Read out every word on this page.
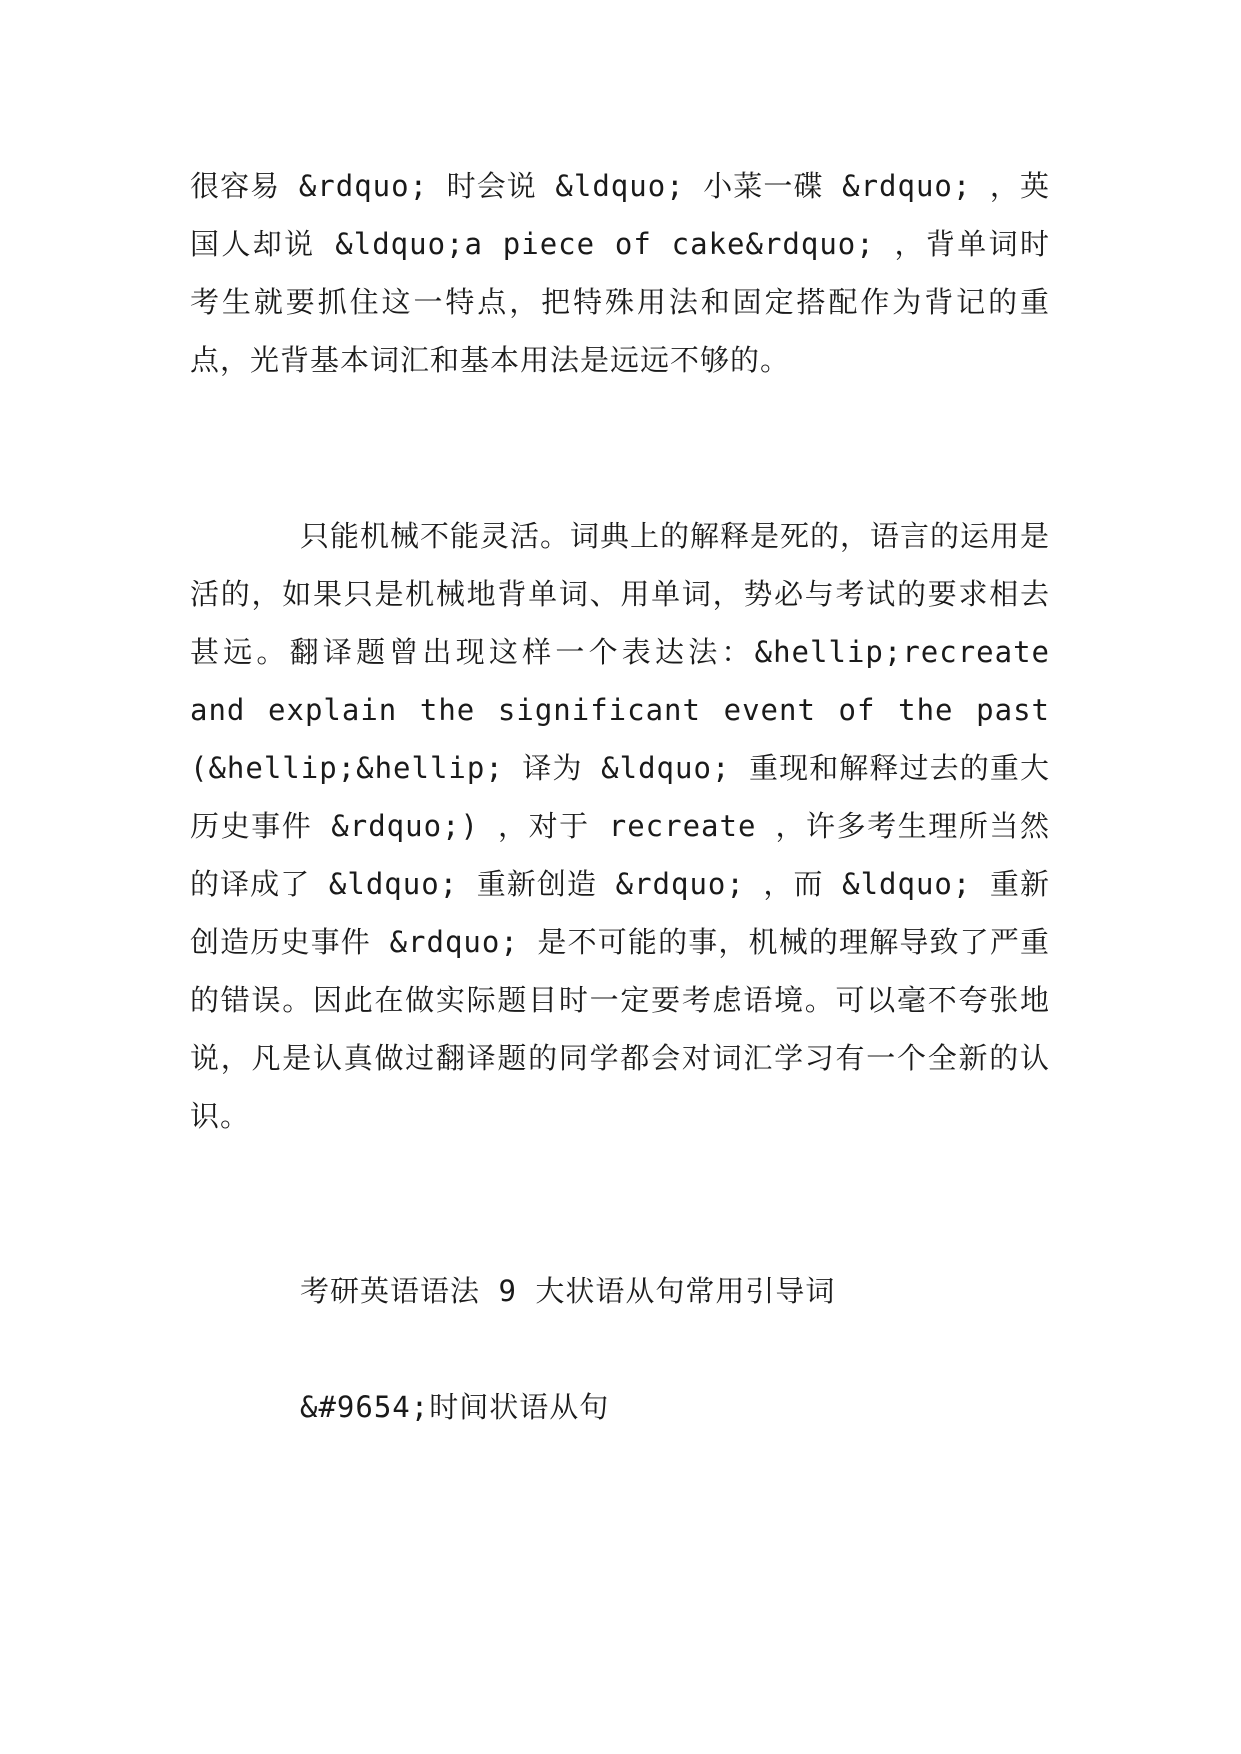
很容易 &rdquo; 时会说 &ldquo; 小菜一碟 &rdquo; ，英国人却说 &ldquo;a piece of cake&rdquo; ，背单词时考生就要抓住这一特点，把特殊用法和固定搭配作为背记的重点，光背基本词汇和基本用法是远远不够的。

只能机械不能灵活。词典上的解释是死的，语言的运用是活的，如果只是机械地背单词、用单词，势必与考试的要求相去甚远。翻译题曾出现这样一个表达法：&hellip;recreate and explain the significant event of the past (&hellip;&hellip; 译为 &ldquo; 重现和解释过去的重大历史事件 &rdquo;) ，对于 recreate ，许多考生理所当然的译成了 &ldquo; 重新创造 &rdquo; ，而 &ldquo; 重新创造历史事件 &rdquo; 是不可能的事，机械的理解导致了严重的错误。因此在做实际题目时一定要考虑语境。可以毫不夸张地说，凡是认真做过翻译题的同学都会对词汇学习有一个全新的认识。

考研英语语法 9 大状语从句常用引导词

&#9654;时间状语从句
